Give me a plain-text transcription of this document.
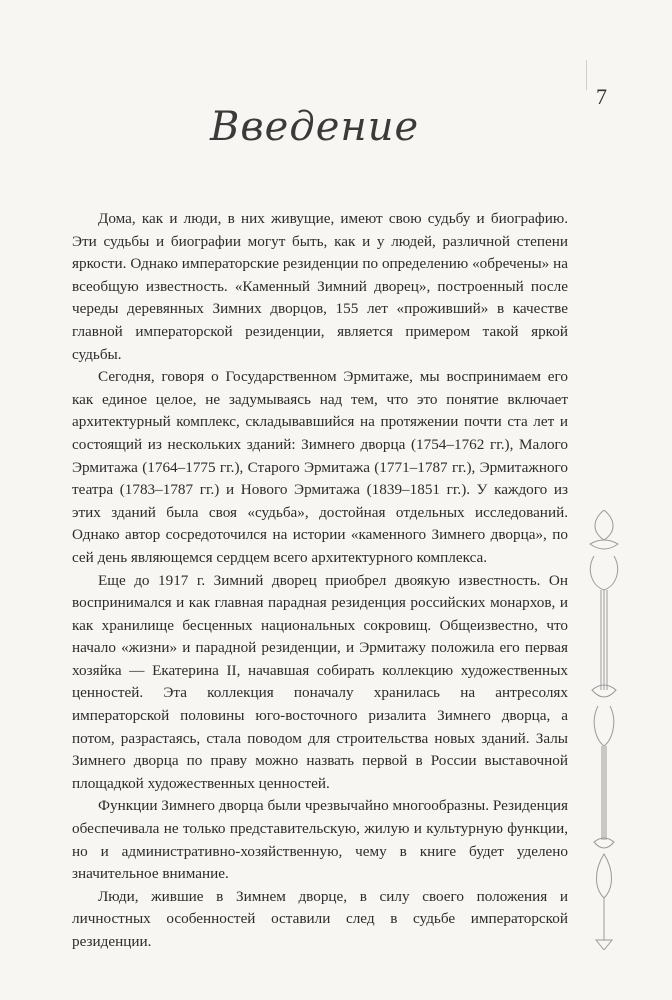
7
Введение

Дома, как и люди, в них живущие, имеют свою судьбу и биографию. Эти судьбы и биографии могут быть, как и у людей, различной степени яркости. Однако императорские резиденции по определению «обречены» на всеобщую известность. «Каменный Зимний дворец», построенный после череды деревянных Зимних дворцов, 155 лет «проживший» в качестве главной императорской резиденции, является примером такой яркой судьбы.

Сегодня, говоря о Государственном Эрмитаже, мы воспринимаем его как единое целое, не задумываясь над тем, что это понятие включает архитектурный комплекс, складывавшийся на протяжении почти ста лет и состоящий из нескольких зданий: Зимнего дворца (1754–1762 гг.), Малого Эрмитажа (1764–1775 гг.), Старого Эрмитажа (1771–1787 гг.), Эрмитажного театра (1783–1787 гг.) и Нового Эрмитажа (1839–1851 гг.). У каждого из этих зданий была своя «судьба», достойная отдельных исследований. Однако автор сосредоточился на истории «каменного Зимнего дворца», по сей день являющемся сердцем всего архитектурного комплекса.

Еще до 1917 г. Зимний дворец приобрел двоякую известность. Он воспринимался и как главная парадная резиденция российских монархов, и как хранилище бесценных национальных сокровищ. Общеизвестно, что начало «жизни» и парадной резиденции, и Эрмитажу положила его первая хозяйка — Екатерина II, начавшая собирать коллекцию художественных ценностей. Эта коллекция поначалу хранилась на антресолях императорской половины юго-восточного ризалита Зимнего дворца, а потом, разрастаясь, стала поводом для строительства новых зданий. Залы Зимнего дворца по праву можно назвать первой в России выставочной площадкой художественных ценностей.

Функции Зимнего дворца были чрезвычайно многообразны. Резиденция обеспечивала не только представительскую, жилую и культурную функции, но и административно-хозяйственную, чему в книге будет уделено значительное внимание.

Люди, жившие в Зимнем дворце, в силу своего положения и личностных особенностей оставили след в судьбе императорской резиденции.
